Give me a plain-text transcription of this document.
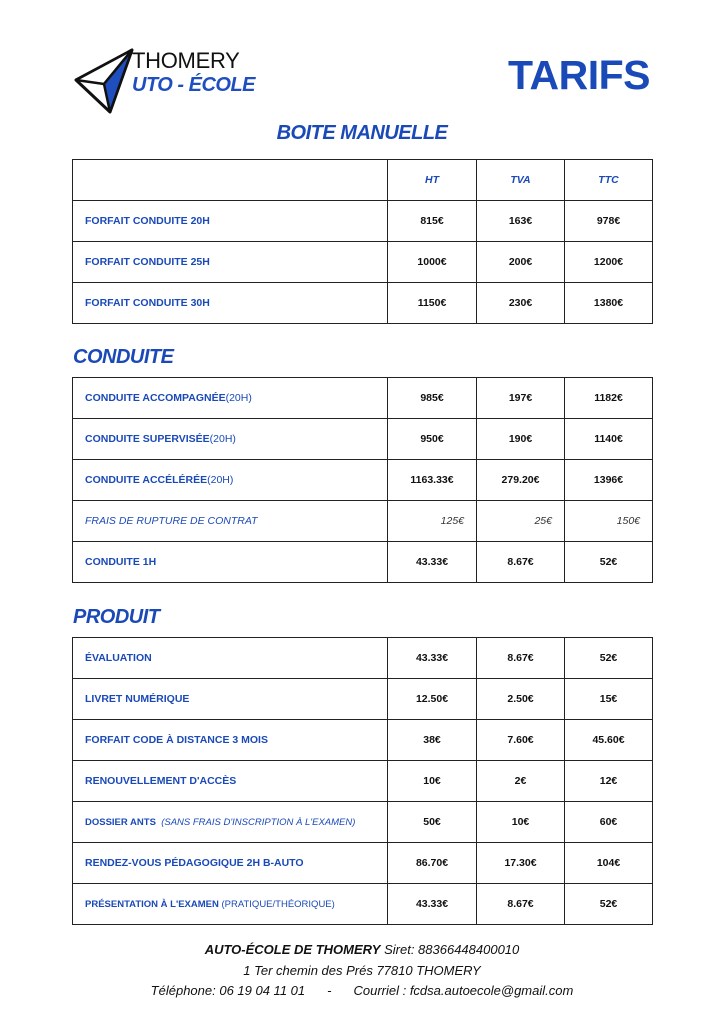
THOMERY
UTO - ÉCOLE	TARIFS
BOITE MANUELLE
	HT	TVA	TTC
FORFAIT CONDUITE 20H	815€	163€	978€
FORFAIT CONDUITE 25H	1000€	200€	1200€
FORFAIT CONDUITE 30H	1150€	230€	1380€
CONDUITE
CONDUITE ACCOMPAGNÉE(20H)	985€	197€	1182€
CONDUITE SUPERVISÉE(20H)	950€	190€	1140€
CONDUITE ACCÉLÉRÉE(20H)	1163.33€	279.20€	1396€
FRAIS DE RUPTURE DE CONTRAT	125€	25€	150€
CONDUITE 1H	43.33€	8.67€	52€
PRODUIT
ÉVALUATION	43.33€	8.67€	52€
LIVRET NUMÉRIQUE	12.50€	2.50€	15€
FORFAIT CODE À DISTANCE 3 MOIS	38€	7.60€	45.60€
RENOUVELLEMENT D'ACCÈS	10€	2€	12€
DOSSIER ANTS (SANS FRAIS D'INSCRIPTION À L'EXAMEN)	50€	10€	60€
RENDEZ-VOUS PÉDAGOGIQUE 2H B-AUTO	86.70€	17.30€	104€
PRÉSENTATION À L'EXAMEN (PRATIQUE/THÉORIQUE)	43.33€	8.67€	52€
AUTO-ÉCOLE DE THOMERY Siret: 88366448400010
1 Ter chemin des Prés 77810 THOMERY
Téléphone: 06 19 04 11 01 - Courriel : fcdsa.autoecole@gmail.com
